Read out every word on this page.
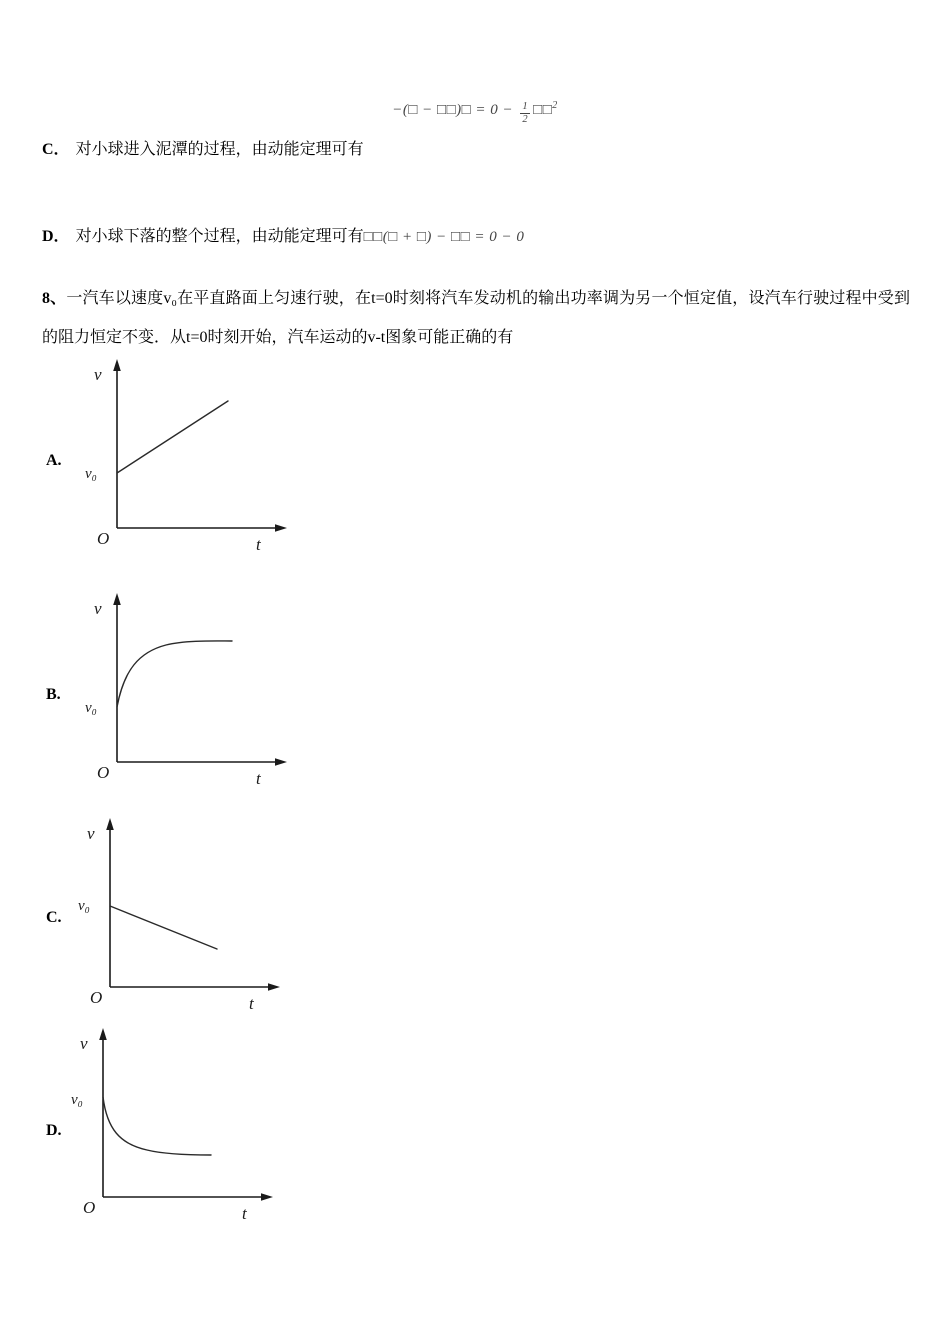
−(□ − □□)□ = $0 - \frac{1}{2}$ □□$^2$
C． 对小球进入泥潭的过程，由动能定理可有
D． 对小球下落的整个过程，由动能定理可有□□(□ + □) − □□ = 0 − 0

8、一汽车以速度v₀在平直路面上匀速行驶，在t=0时刻将汽车发动机的输出功率调为另一个恒定值，设汽车行驶过程中受到的阻力恒定不变．从t=0时刻开始，汽车运动的v-t图象可能正确的有

A.
v
v₀
O	t
B.
v
v₀
O	t
C.
v
v₀
O	t
D.
v
v₀
O	t
